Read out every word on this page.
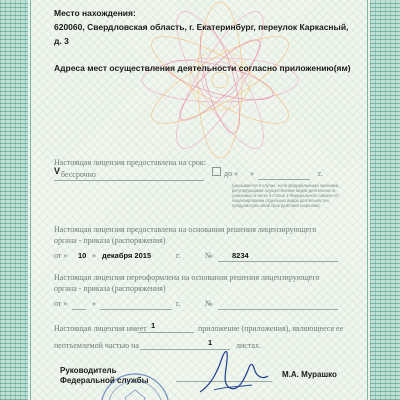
Место нахождения:
620060, Свердловская область, г. Екатеринбург, переулок Каркасный,
д. 3
Адреса мест осуществления деятельности согласно приложению(ям)
Настоящая лицензия предоставлена на срок:
V бессрочно	до « »	г.
(указывается в случае, если федеральными законами, регулирующими осуществление видов деятельности, указанных в части 4 статьи 1 Федерального закона «О лицензировании отдельных видов деятельности», предусмотрен иной срок действия лицензии)
Настоящая лицензия предоставлена на основании решения лицензирующего
органа - приказа (распоряжения)
от « 10 » декабря 2015	г.	№	8234
Настоящая лицензия переоформлена на основании решения лицензирующего
органа - приказа (распоряжения)
от «	»	г.	№
Настоящая лицензия имеет 1	приложение (приложения), являющееся ее
неотъемлемой частью на	1	листах.
Руководитель
Федеральной службы
М.А. Мурашко
